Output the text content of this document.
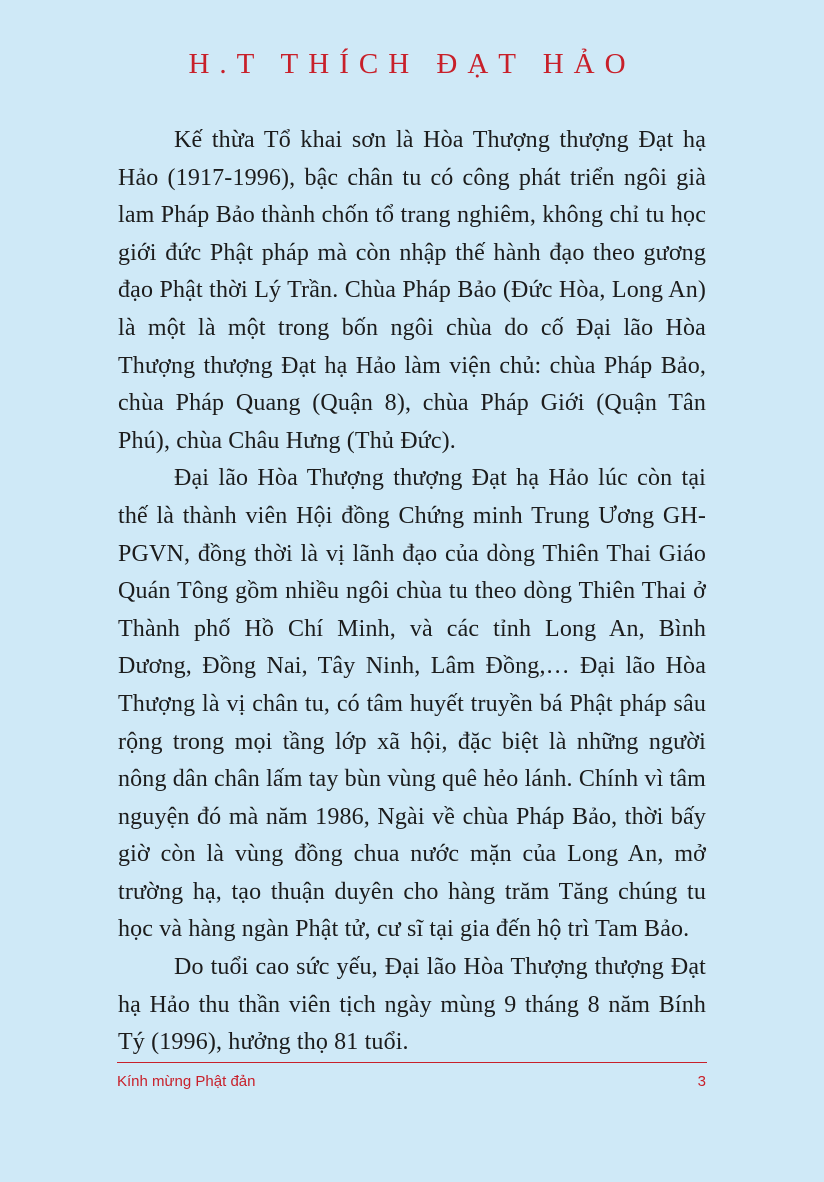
H.T THÍCH ĐẠT HẢO

Kế thừa Tổ khai sơn là Hòa Thượng thượng Đạt hạ Hảo (1917-1996), bậc chân tu có công phát triển ngôi già lam Pháp Bảo thành chốn tổ trang nghiêm, không chỉ tu học giới đức Phật pháp mà còn nhập thế hành đạo theo gương đạo Phật thời Lý Trần. Chùa Pháp Bảo (Đức Hòa, Long An) là một là một trong bốn ngôi chùa do cố Đại lão Hòa Thượng thượng Đạt hạ Hảo làm viện chủ: chùa Pháp Bảo, chùa Pháp Quang (Quận 8), chùa Pháp Giới (Quận Tân Phú), chùa Châu Hưng (Thủ Đức).

Đại lão Hòa Thượng thượng Đạt hạ Hảo lúc còn tại thế là thành viên Hội đồng Chứng minh Trung Ương GH-PGVN, đồng thời là vị lãnh đạo của dòng Thiên Thai Giáo Quán Tông gồm nhiều ngôi chùa tu theo dòng Thiên Thai ở Thành phố Hồ Chí Minh, và các tỉnh Long An, Bình Dương, Đồng Nai, Tây Ninh, Lâm Đồng,… Đại lão Hòa Thượng là vị chân tu, có tâm huyết truyền bá Phật pháp sâu rộng trong mọi tầng lớp xã hội, đặc biệt là những người nông dân chân lấm tay bùn vùng quê hẻo lánh. Chính vì tâm nguyện đó mà năm 1986, Ngài về chùa Pháp Bảo, thời bấy giờ còn là vùng đồng chua nước mặn của Long An, mở trường hạ, tạo thuận duyên cho hàng trăm Tăng chúng tu học và hàng ngàn Phật tử, cư sĩ tại gia đến hộ trì Tam Bảo.

Do tuổi cao sức yếu, Đại lão Hòa Thượng thượng Đạt hạ Hảo thu thần viên tịch ngày mùng 9 tháng 8 năm Bính Tý (1996), hưởng thọ 81 tuổi.

Kính mừng Phật đản	3
